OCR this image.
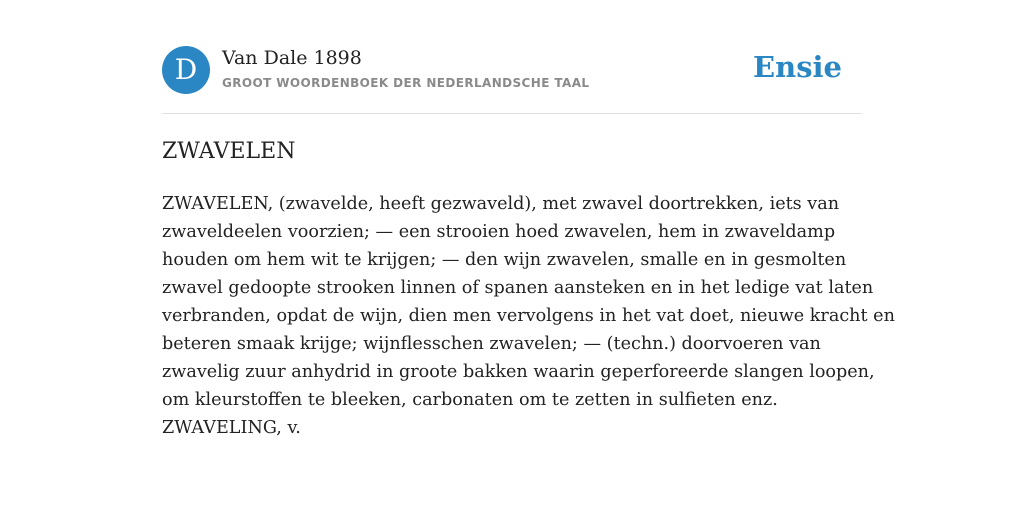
D	Van Dale 1898
GROOT WOORDENBOEK DER NEDERLANDSCHE TAAL	Ensie
ZWAVELEN
ZWAVELEN, (zwavelde, heeft gezwaveld), met zwavel doortrekken, iets van
zwaveldeelen voorzien; — een strooien hoed zwavelen, hem in zwaveldamp
houden om hem wit te krijgen; — den wijn zwavelen, smalle en in gesmolten
zwavel gedoopte strooken linnen of spanen aansteken en in het ledige vat laten
verbranden, opdat de wijn, dien men vervolgens in het vat doet, nieuwe kracht en
beteren smaak krijge; wijnflesschen zwavelen; — (techn.) doorvoeren van
zwavelig zuur anhydrid in groote bakken waarin geperforeerde slangen loopen,
om kleurstoffen te bleeken, carbonaten om te zetten in sulfieten enz.
ZWAVELING, v.
